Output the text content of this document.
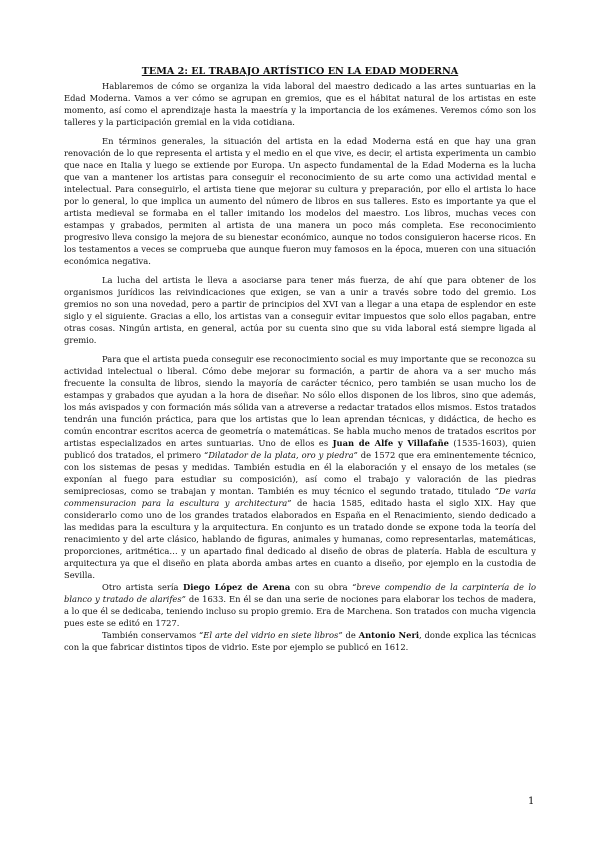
TEMA 2: EL TRABAJO ARTÍSTICO EN LA EDAD MODERNA

Hablaremos de cómo se organiza la vida laboral del maestro dedicado a las artes suntuarias en la Edad Moderna. Vamos a ver cómo se agrupan en gremios, que es el hábitat natural de los artistas en este momento, así como el aprendizaje hasta la maestría y la importancia de los exámenes. Veremos cómo son los talleres y la participación gremial en la vida cotidiana.

En términos generales, la situación del artista en la edad Moderna está en que hay una gran renovación de lo que representa el artista y el medio en el que vive, es decir, el artista experimenta un cambio que nace en Italia y luego se extiende por Europa. Un aspecto fundamental de la Edad Moderna es la lucha que van a mantener los artistas para conseguir el reconocimiento de su arte como una actividad mental e intelectual. Para conseguirlo, el artista tiene que mejorar su cultura y preparación, por ello el artista lo hace por lo general, lo que implica un aumento del número de libros en sus talleres. Esto es importante ya que el artista medieval se formaba en el taller imitando los modelos del maestro. Los libros, muchas veces con estampas y grabados, permiten al artista de una manera un poco más completa. Ese reconocimiento progresivo lleva consigo la mejora de su bienestar económico, aunque no todos consiguieron hacerse ricos. En los testamentos a veces se comprueba que aunque fueron muy famosos en la época, mueren con una situación económica negativa.

La lucha del artista le lleva a asociarse para tener más fuerza, de ahí que para obtener de los organismos jurídicos las reivindicaciones que exigen, se van a unir a través sobre todo del gremio. Los gremios no son una novedad, pero a partir de principios del XVI van a llegar a una etapa de esplendor en este siglo y el siguiente. Gracias a ello, los artistas van a conseguir evitar impuestos que solo ellos pagaban, entre otras cosas. Ningún artista, en general, actúa por su cuenta sino que su vida laboral está siempre ligada al gremio.

Para que el artista pueda conseguir ese reconocimiento social es muy importante que se reconozca su actividad intelectual o liberal. Cómo debe mejorar su formación, a partir de ahora va a ser mucho más frecuente la consulta de libros, siendo la mayoría de carácter técnico, pero también se usan mucho los de estampas y grabados que ayudan a la hora de diseñar. No sólo ellos disponen de los libros, sino que además, los más avispados y con formación más sólida van a atreverse a redactar tratados ellos mismos. Estos tratados tendrán una función práctica, para que los artistas que lo lean aprendan técnicas, y didáctica, de hecho es común encontrar escritos acerca de geometría o matemáticas. Se habla mucho menos de tratados escritos por artistas especializados en artes suntuarias. Uno de ellos es Juan de Alfe y Villafañe (1535-1603), quien publicó dos tratados, el primero “Dilatador de la plata, oro y piedra” de 1572 que era eminentemente técnico, con los sistemas de pesas y medidas. También estudia en él la elaboración y el ensayo de los metales (se exponían al fuego para estudiar su composición), así como el trabajo y valoración de las piedras semipreciosas, como se trabajan y montan. También es muy técnico el segundo tratado, titulado “De varia commensuracion para la escultura y architectura” de hacia 1585, editado hasta el siglo XIX. Hay que considerarlo como uno de los grandes tratados elaborados en España en el Renacimiento, siendo dedicado a las medidas para la escultura y la arquitectura. En conjunto es un tratado donde se expone toda la teoría del renacimiento y del arte clásico, hablando de figuras, animales y humanas, como representarlas, matemáticas, proporciones, aritmética… y un apartado final dedicado al diseño de obras de platería. Habla de escultura y arquitectura ya que el diseño en plata aborda ambas artes en cuanto a diseño, por ejemplo en la custodia de Sevilla.

Otro artista sería Diego López de Arena con su obra “breve compendio de la carpintería de lo blanco y tratado de alarifes” de 1633. En él se dan una serie de nociones para elaborar los techos de madera, a lo que él se dedicaba, teniendo incluso su propio gremio. Era de Marchena. Son tratados con mucha vigencia pues este se editó en 1727.

También conservamos “El arte del vidrio en siete libros” de Antonio Neri, donde explica las técnicas con la que fabricar distintos tipos de vidrio. Este por ejemplo se publicó en 1612.

1
